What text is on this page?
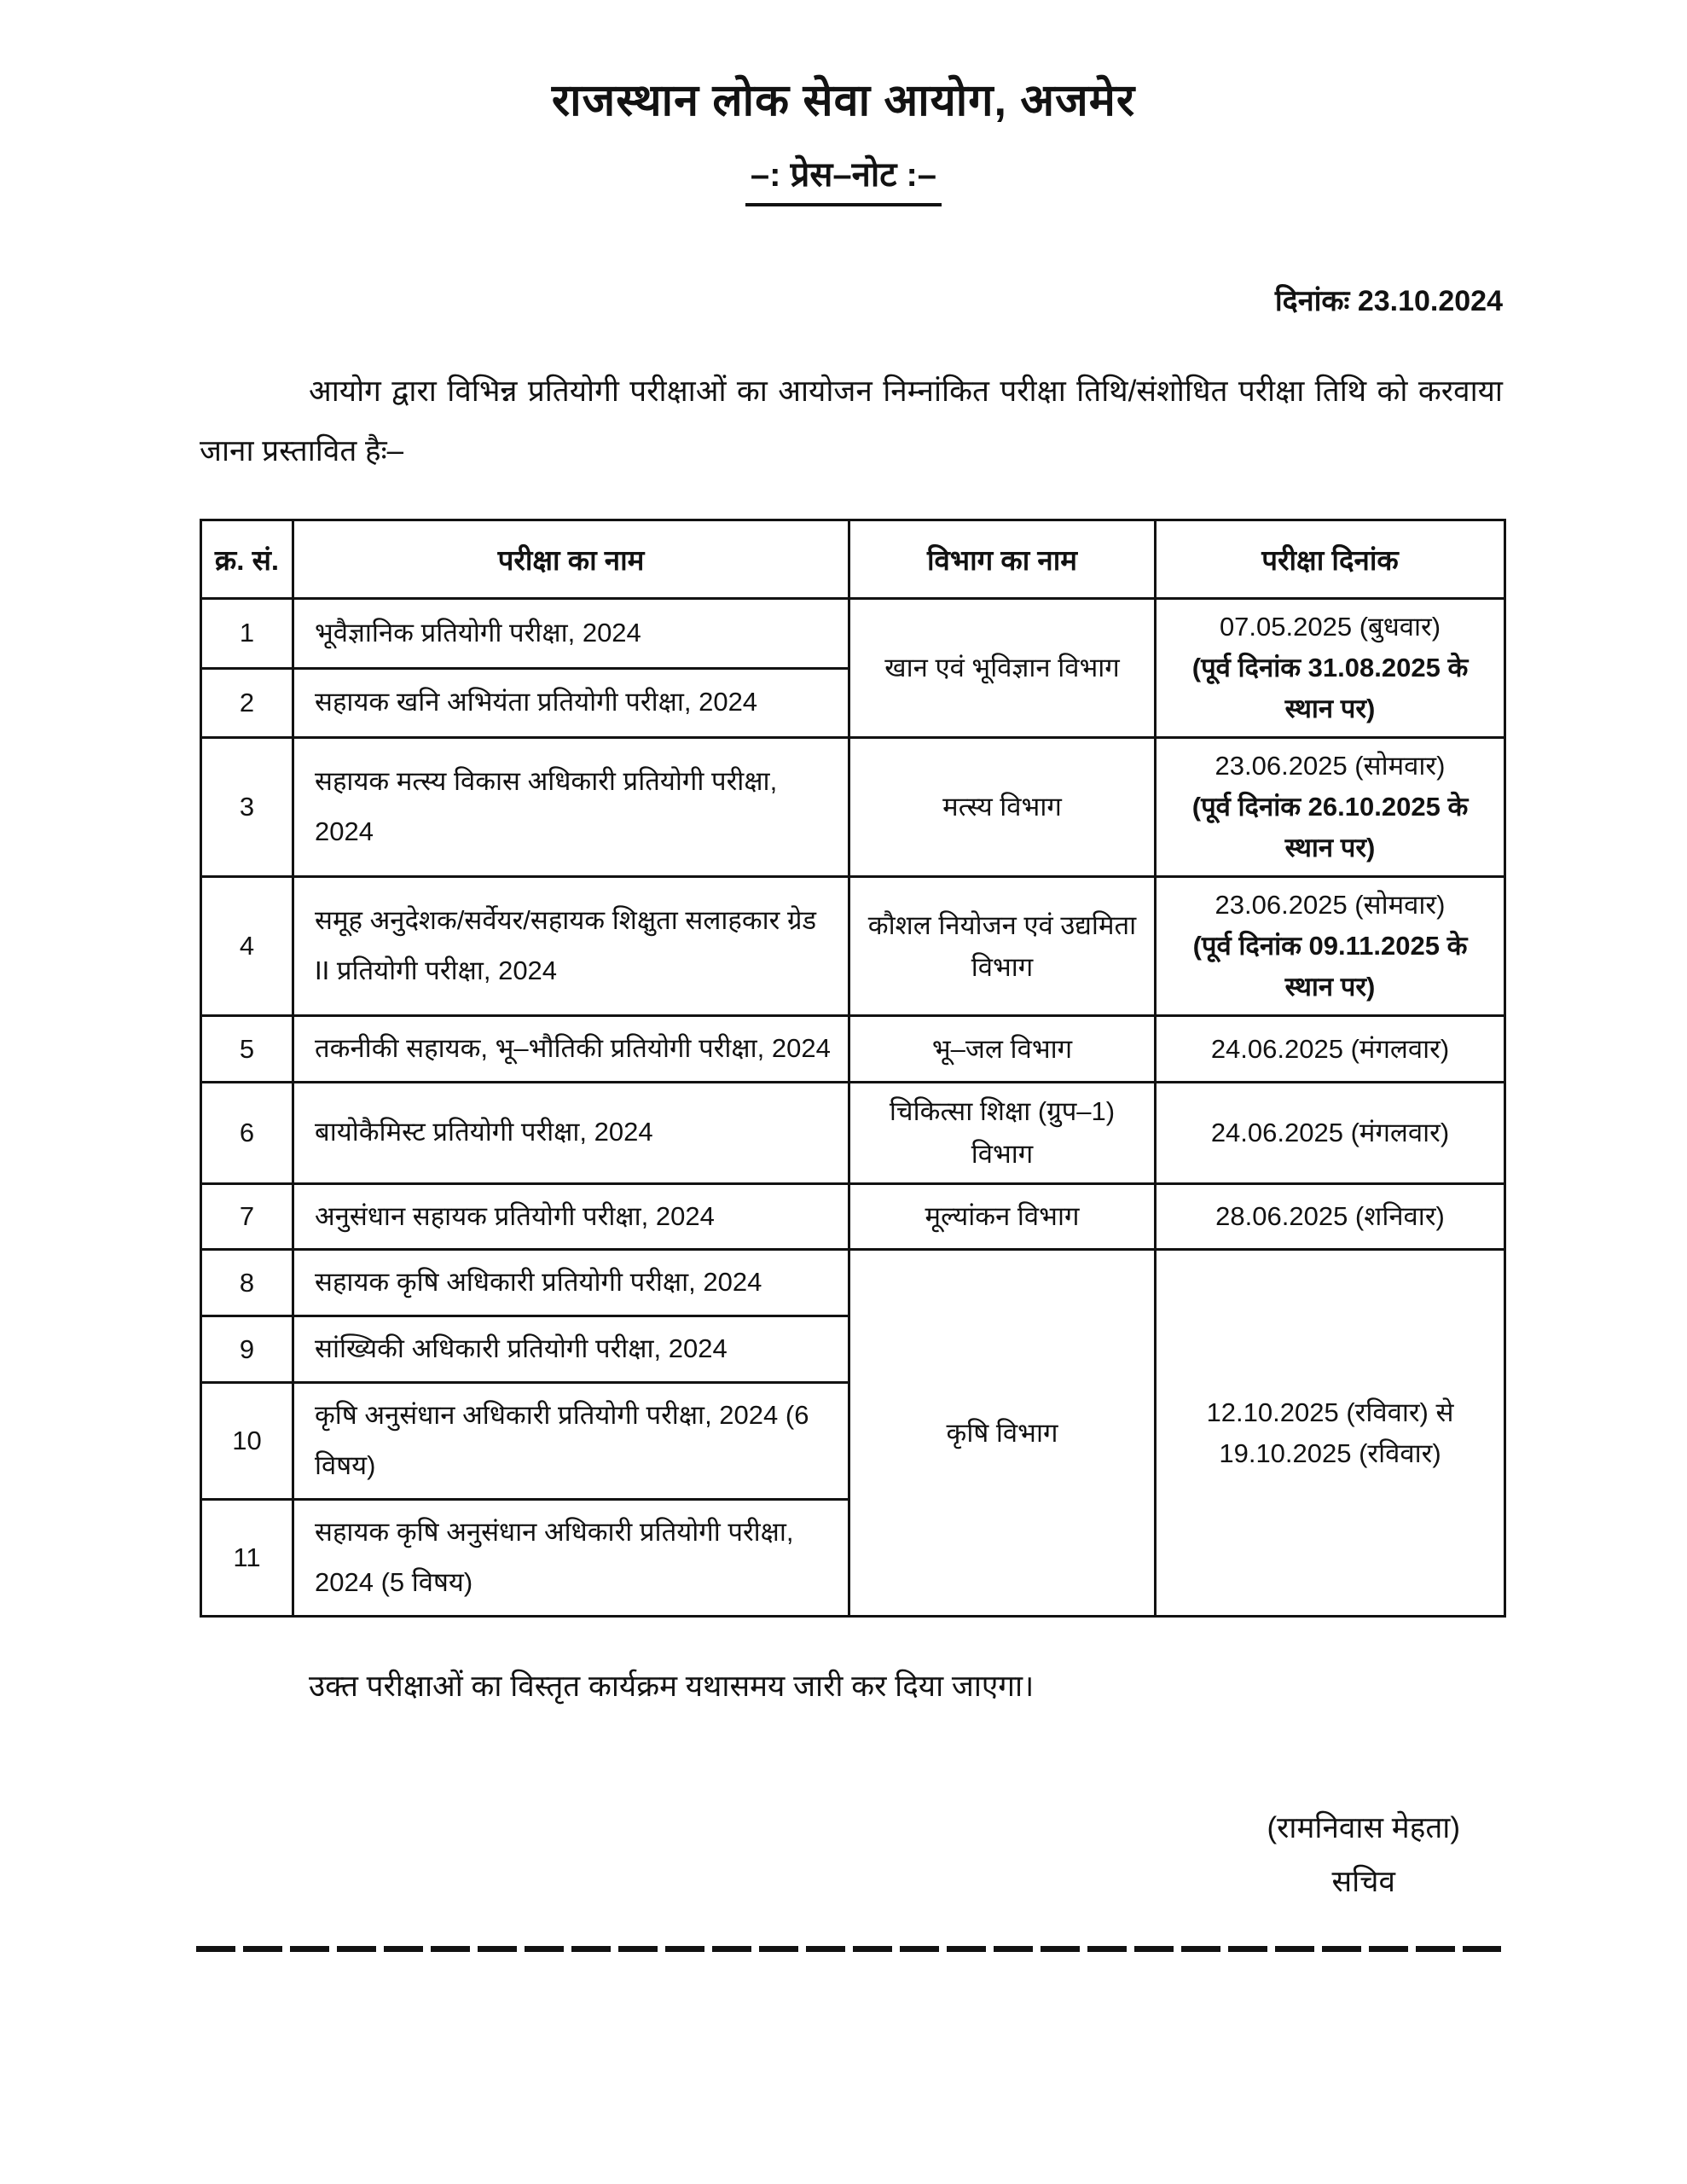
राजस्थान लोक सेवा आयोग, अजमेर
–: प्रेस–नोट :–
दिनांकः 23.10.2024

आयोग द्वारा विभिन्न प्रतियोगी परीक्षाओं का आयोजन निम्नांकित परीक्षा तिथि/संशोधित परीक्षा तिथि को करवाया जाना प्रस्तावित हैः–

क्र. सं.	परीक्षा का नाम	विभाग का नाम	परीक्षा दिनांक
1	भूवैज्ञानिक प्रतियोगी परीक्षा, 2024	खान एवं भूविज्ञान विभाग	07.05.2025 (बुधवार)
(पूर्व दिनांक 31.08.2025 के स्थान पर)

2	सहायक खनि अभियंता प्रतियोगी परीक्षा, 2024		
3	सहायक मत्स्य विकास अधिकारी प्रतियोगी परीक्षा, 2024	मत्स्य विभाग	23.06.2025 (सोमवार)
(पूर्व दिनांक 26.10.2025 के स्थान पर)

4	समूह अनुदेशक/सर्वेयर/सहायक शिक्षुता सलाहकार ग्रेड II प्रतियोगी परीक्षा, 2024	कौशल नियोजन एवं उद्यमिता विभाग	23.06.2025 (सोमवार)
(पूर्व दिनांक 09.11.2025 के स्थान पर)

5	तकनीकी सहायक, भू–भौतिकी प्रतियोगी परीक्षा, 2024	भू–जल विभाग	24.06.2025 (मंगलवार)

6	बायोकैमिस्ट प्रतियोगी परीक्षा, 2024	चिकित्सा शिक्षा (ग्रुप–1) विभाग	24.06.2025 (मंगलवार)

7	अनुसंधान सहायक प्रतियोगी परीक्षा, 2024	मूल्यांकन विभाग	28.06.2025 (शनिवार)

8	सहायक कृषि अधिकारी प्रतियोगी परीक्षा, 2024	कृषि विभाग	12.10.2025 (रविवार) से
19.10.2025 (रविवार)

9	सांख्यिकी अधिकारी प्रतियोगी परीक्षा, 2024		
10	कृषि अनुसंधान अधिकारी प्रतियोगी परीक्षा, 2024 (6 विषय)		
11	सहायक कृषि अनुसंधान अधिकारी प्रतियोगी परीक्षा, 2024 (5 विषय)		

उक्त परीक्षाओं का विस्तृत कार्यक्रम यथासमय जारी कर दिया जाएगा।

(रामनिवास मेहता)
सचिव
